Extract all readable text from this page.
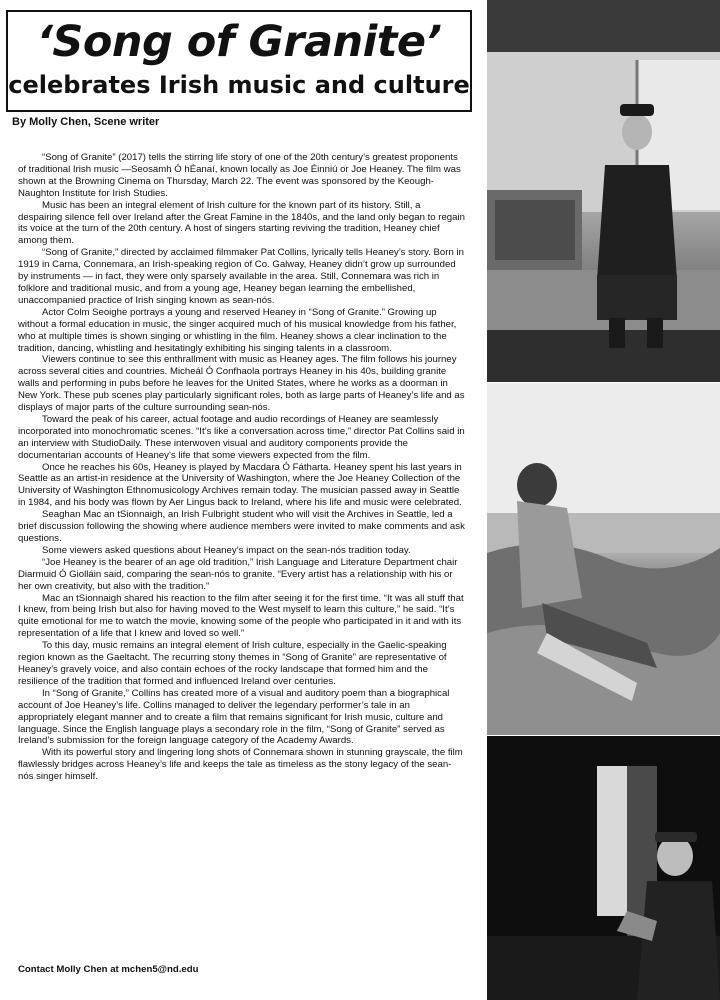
‘Song of Granite’
celebrates Irish music and culture
By Molly Chen, Scene writer

“Song of Granite” (2017) tells the stirring life story of one of the 20th century’s greatest proponents of traditional Irish music —Seosamh Ó hÉanaí, known locally as Joe Éinniú or Joe Heaney. The film was shown at the Browning Cinema on Thursday, March 22. The event was sponsored by the Keough-Naughton Institute for Irish Studies.

Music has been an integral element of Irish culture for the known part of its history. Still, a despairing silence fell over Ireland after the Great Famine in the 1840s, and the land only began to regain its voice at the turn of the 20th century. A host of singers starting reviving the tradition, Heaney chief among them.

“Song of Granite,” directed by acclaimed filmmaker Pat Collins, lyrically tells Heaney’s story. Born in 1919 in Carna, Connemara, an Irish-speaking region of Co. Galway, Heaney didn’t grow up surrounded by instruments — in fact, they were only sparsely available in the area. Still, Connemara was rich in folklore and traditional music, and from a young age, Heaney began learning the embellished, unaccompanied practice of Irish singing known as sean-nós.

Actor Colm Seoighe portrays a young and reserved Heaney in “Song of Granite.” Growing up without a formal education in music, the singer acquired much of his musical knowledge from his father, who at multiple times is shown singing or whistling in the film. Heaney shows a clear inclination to the tradition, dancing, whistling and hesitatingly exhibiting his singing talents in a classroom.

Viewers continue to see this enthrallment with music as Heaney ages. The film follows his journey across several cities and countries. Micheál Ó Confhaola portrays Heaney in his 40s, building granite walls and performing in pubs before he leaves for the United States, where he works as a doorman in New York. These pub scenes play particularly significant roles, both as large parts of Heaney’s life and as displays of major parts of the culture surrounding sean-nós.

Toward the peak of his career, actual footage and audio recordings of Heaney are seamlessly incorporated into monochromatic scenes. “It’s like a conversation across time,” director Pat Collins said in an interview with StudioDaily. These interwoven visual and auditory components provide the documentarian accounts of Heaney’s life that some viewers expected from the film.

Once he reaches his 60s, Heaney is played by Macdara Ó Fátharta. Heaney spent his last years in Seattle as an artist-in residence at the University of Washington, where the Joe Heaney Collection of the University of Washington Ethnomusicology Archives remain today. The musician passed away in Seattle in 1984, and his body was flown by Aer Lingus back to Ireland, where his life and music were celebrated.

Seaghan Mac an tSionnaigh, an Irish Fulbright student who will visit the Archives in Seattle, led a brief discussion following the showing where audience members were invited to make comments and ask questions.

Some viewers asked questions about Heaney’s impact on the sean-nós tradition today.

“Joe Heaney is the bearer of an age old tradition,” Irish Language and Literature Department chair Diarmuid Ó Giolláin said, comparing the sean-nós to granite. “Every artist has a relationship with his or her own creativity, but also with the tradition.”

Mac an tSionnaigh shared his reaction to the film after seeing it for the first time. “It was all stuff that I knew, from being Irish but also for having moved to the West myself to learn this culture,” he said. “It’s quite emotional for me to watch the movie, knowing some of the people who participated in it and with its representation of a life that I knew and loved so well.”

To this day, music remains an integral element of Irish culture, especially in the Gaelic-speaking region known as the Gaeltacht. The recurring stony themes in “Song of Granite” are representative of Heaney’s gravely voice, and also contain echoes of the rocky landscape that formed him and the resilience of the tradition that formed and influenced Ireland over centuries.

In “Song of Granite,” Collins has created more of a visual and auditory poem than a biographical account of Joe Heaney’s life. Collins managed to deliver the legendary performer’s tale in an appropriately elegant manner and to create a film that remains significant for Irish music, culture and language. Since the English language plays a secondary role in the film, “Song of Granite” served as Ireland’s submission for the foreign language category of the Academy Awards.

With its powerful story and lingering long shots of Connemara shown in stunning grayscale, the film flawlessly bridges across Heaney’s life and keeps the tale as timeless as the stony legacy of the sean-nós singer himself.

Contact Molly Chen at mchen5@nd.edu
